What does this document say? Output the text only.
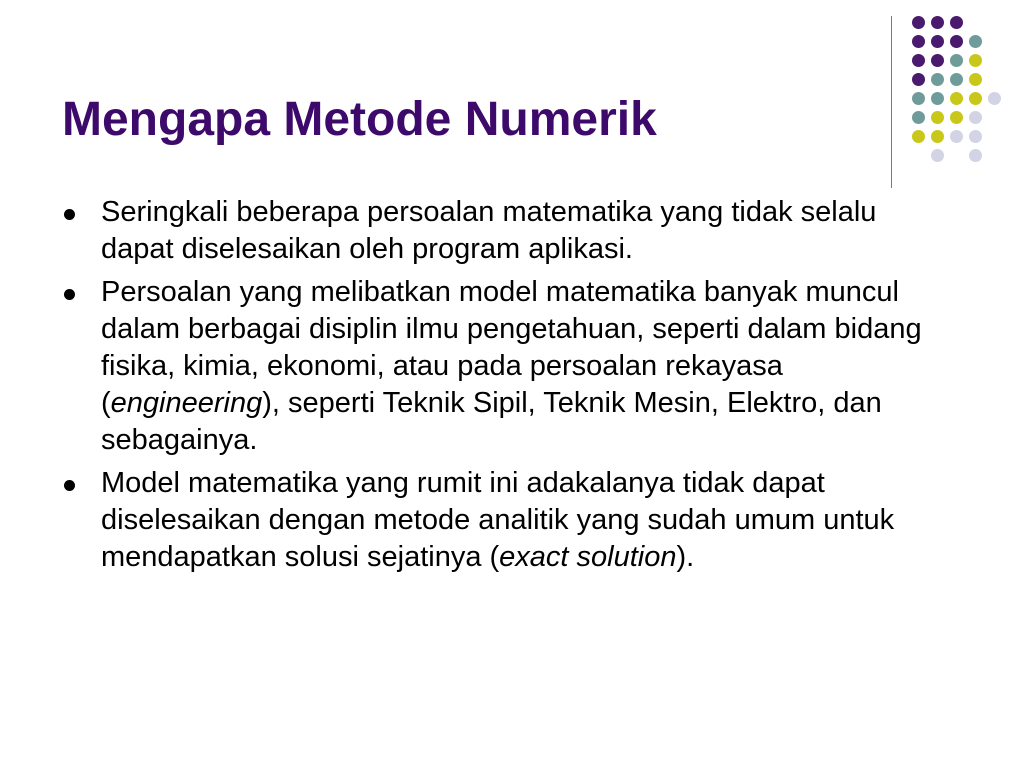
Mengapa Metode Numerik
Seringkali beberapa persoalan matematika yang tidak selalu dapat diselesaikan oleh program aplikasi.
Persoalan yang melibatkan model matematika banyak muncul dalam berbagai disiplin ilmu pengetahuan, seperti dalam bidang fisika, kimia, ekonomi, atau pada persoalan rekayasa (engineering), seperti Teknik Sipil, Teknik Mesin, Elektro, dan sebagainya.
Model matematika yang rumit ini adakalanya tidak dapat diselesaikan dengan metode analitik yang sudah umum untuk mendapatkan solusi sejatinya (exact solution).
